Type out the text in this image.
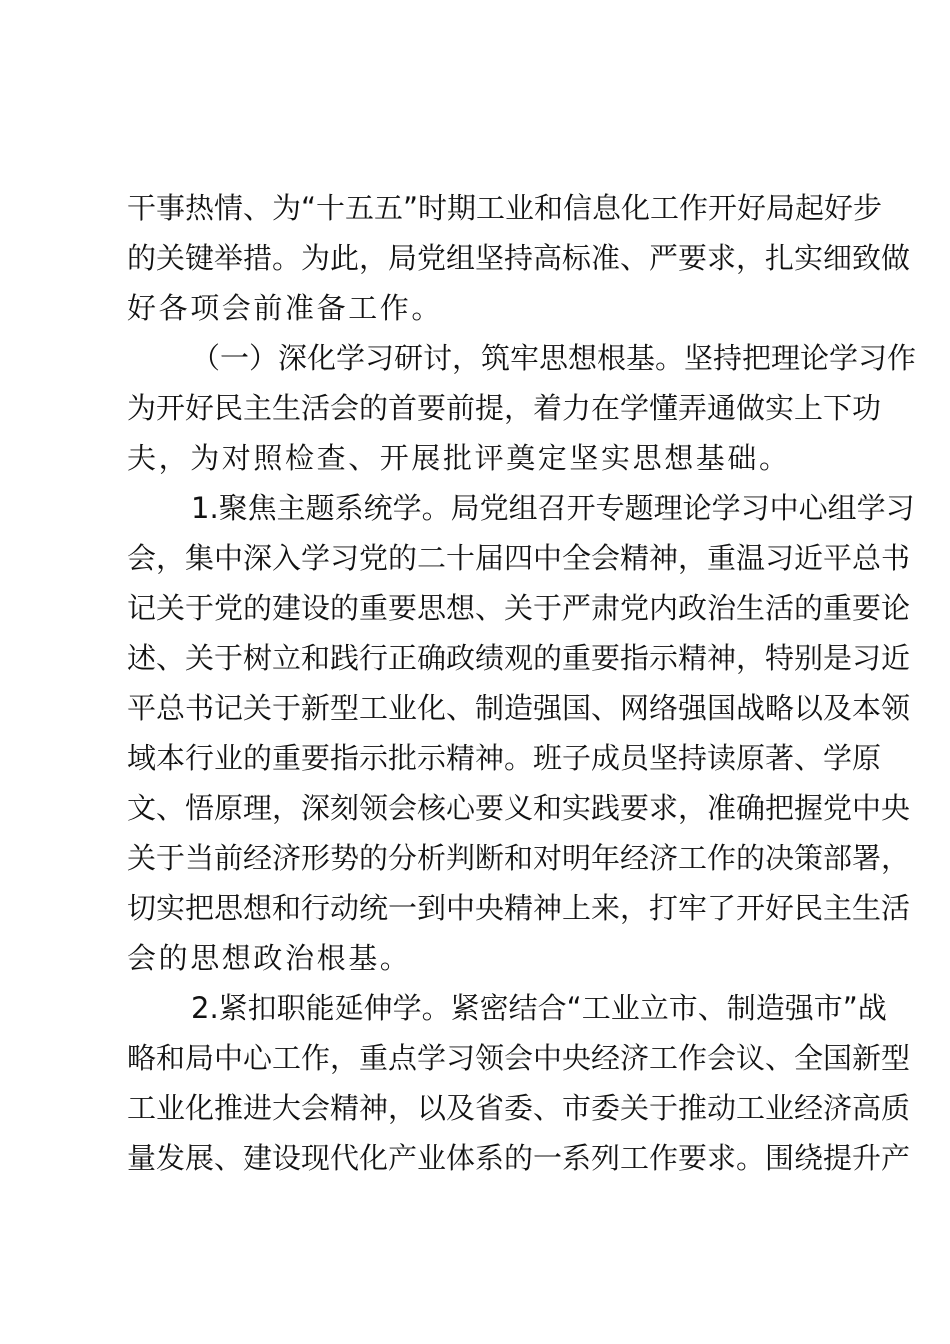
干事热情、为“十五五”时期工业和信息化工作开好局起好步
的关键举措。为此，局党组坚持高标准、严要求，扎实细致做
好各项会前准备工作。
（一）深化学习研讨，筑牢思想根基。坚持把理论学习作
为开好民主生活会的首要前提，着力在学懂弄通做实上下功
夫，为对照检查、开展批评奠定坚实思想基础。
1.聚焦主题系统学。局党组召开专题理论学习中心组学习
会，集中深入学习党的二十届四中全会精神，重温习近平总书
记关于党的建设的重要思想、关于严肃党内政治生活的重要论
述、关于树立和践行正确政绩观的重要指示精神，特别是习近
平总书记关于新型工业化、制造强国、网络强国战略以及本领
域本行业的重要指示批示精神。班子成员坚持读原著、学原
文、悟原理，深刻领会核心要义和实践要求，准确把握党中央
关于当前经济形势的分析判断和对明年经济工作的决策部署，
切实把思想和行动统一到中央精神上来，打牢了开好民主生活
会的思想政治根基。
2.紧扣职能延伸学。紧密结合“工业立市、制造强市”战
略和局中心工作，重点学习领会中央经济工作会议、全国新型
工业化推进大会精神，以及省委、市委关于推动工业经济高质
量发展、建设现代化产业体系的一系列工作要求。围绕提升产
